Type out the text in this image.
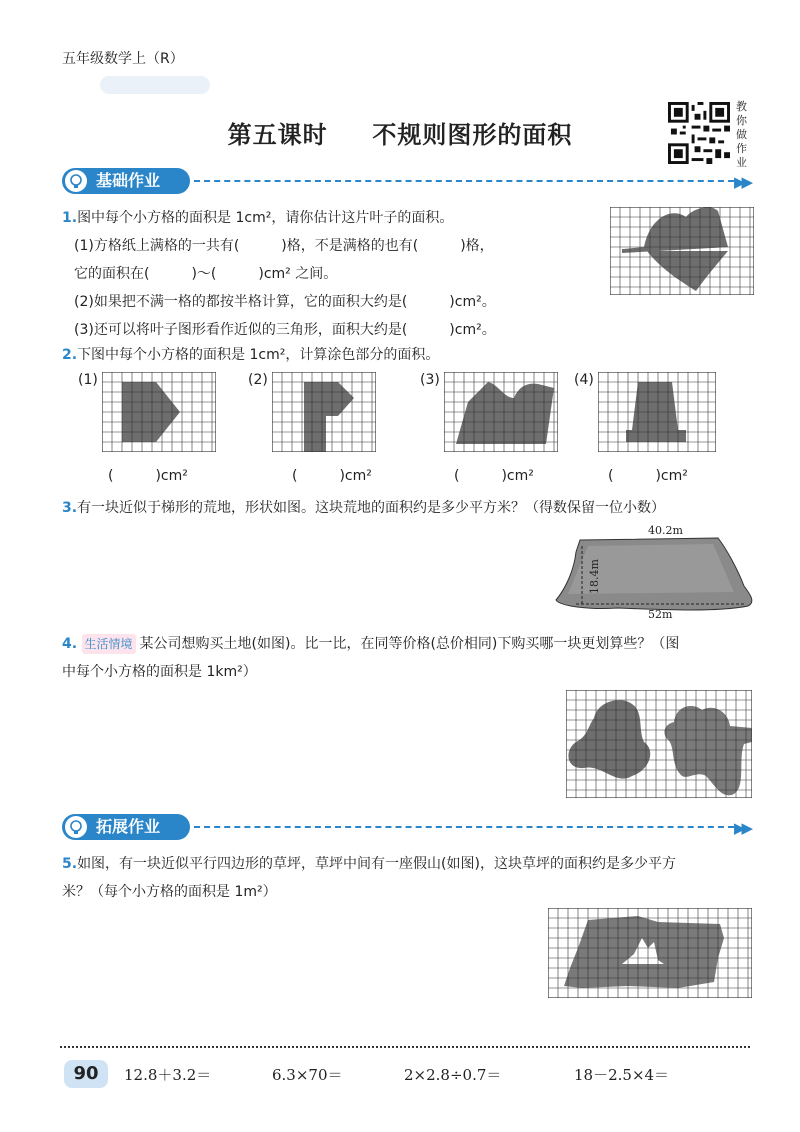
五年级数学上（R）
第五课时 不规则图形的面积
教你做作业
基础作业	▶▶
1.图中每个小方格的面积是 1cm²，请你估计这片叶子的面积。
(1)方格纸上满格的一共有(　　　)格，不是满格的也有(　　　)格，
它的面积在(　　　)～(　　　)cm² 之间。
(2)如果把不满一格的都按半格计算，它的面积大约是(　　　)cm²。
(3)还可以将叶子图形看作近似的三角形，面积大约是(　　　)cm²。
2.下图中每个小方格的面积是 1cm²，计算涂色部分的面积。
(1)
(　　　)cm²
(2)
(　　　)cm²
(3)
(　　　)cm²
(4)
(　　　)cm²
3.有一块近似于梯形的荒地，形状如图。这块荒地的面积约是多少平方米？（得数保留一位小数）
40.2m
52m
18.4m
4. 生活情境 某公司想购买土地(如图)。比一比，在同等价格(总价相同)下购买哪一块更划算些？（图
中每个小方格的面积是 1km²）
拓展作业	▶▶
5.如图，有一块近似平行四边形的草坪，草坪中间有一座假山(如图)，这块草坪的面积约是多少平方
米？（每个小方格的面积是 1m²）
90	12.8＋3.2＝	6.3×70＝	2×2.8÷0.7＝	18－2.5×4＝
